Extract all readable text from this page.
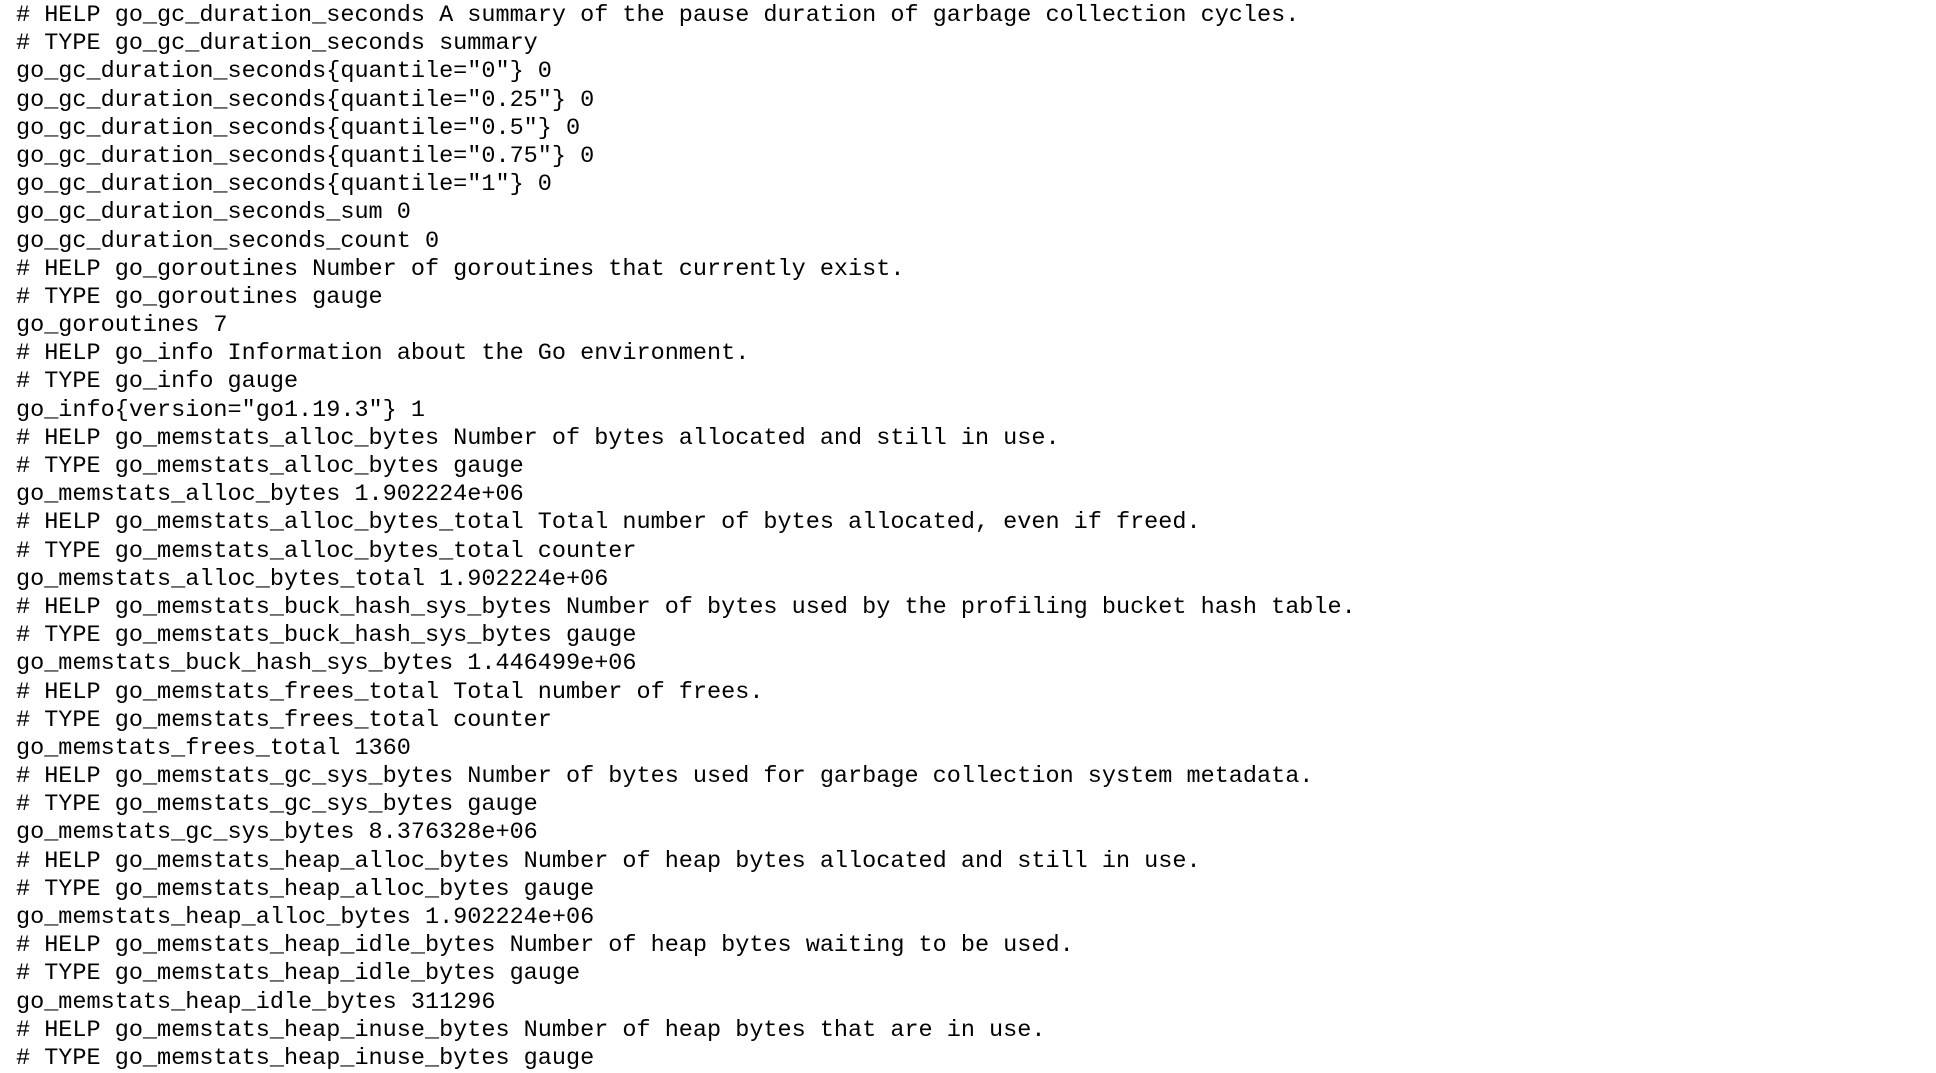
# HELP go_gc_duration_seconds A summary of the pause duration of garbage collection cycles.
# TYPE go_gc_duration_seconds summary
go_gc_duration_seconds{quantile="0"} 0
go_gc_duration_seconds{quantile="0.25"} 0
go_gc_duration_seconds{quantile="0.5"} 0
go_gc_duration_seconds{quantile="0.75"} 0
go_gc_duration_seconds{quantile="1"} 0
go_gc_duration_seconds_sum 0
go_gc_duration_seconds_count 0
# HELP go_goroutines Number of goroutines that currently exist.
# TYPE go_goroutines gauge
go_goroutines 7
# HELP go_info Information about the Go environment.
# TYPE go_info gauge
go_info{version="go1.19.3"} 1
# HELP go_memstats_alloc_bytes Number of bytes allocated and still in use.
# TYPE go_memstats_alloc_bytes gauge
go_memstats_alloc_bytes 1.902224e+06
# HELP go_memstats_alloc_bytes_total Total number of bytes allocated, even if freed.
# TYPE go_memstats_alloc_bytes_total counter
go_memstats_alloc_bytes_total 1.902224e+06
# HELP go_memstats_buck_hash_sys_bytes Number of bytes used by the profiling bucket hash table.
# TYPE go_memstats_buck_hash_sys_bytes gauge
go_memstats_buck_hash_sys_bytes 1.446499e+06
# HELP go_memstats_frees_total Total number of frees.
# TYPE go_memstats_frees_total counter
go_memstats_frees_total 1360
# HELP go_memstats_gc_sys_bytes Number of bytes used for garbage collection system metadata.
# TYPE go_memstats_gc_sys_bytes gauge
go_memstats_gc_sys_bytes 8.376328e+06
# HELP go_memstats_heap_alloc_bytes Number of heap bytes allocated and still in use.
# TYPE go_memstats_heap_alloc_bytes gauge
go_memstats_heap_alloc_bytes 1.902224e+06
# HELP go_memstats_heap_idle_bytes Number of heap bytes waiting to be used.
# TYPE go_memstats_heap_idle_bytes gauge
go_memstats_heap_idle_bytes 311296
# HELP go_memstats_heap_inuse_bytes Number of heap bytes that are in use.
# TYPE go_memstats_heap_inuse_bytes gauge
